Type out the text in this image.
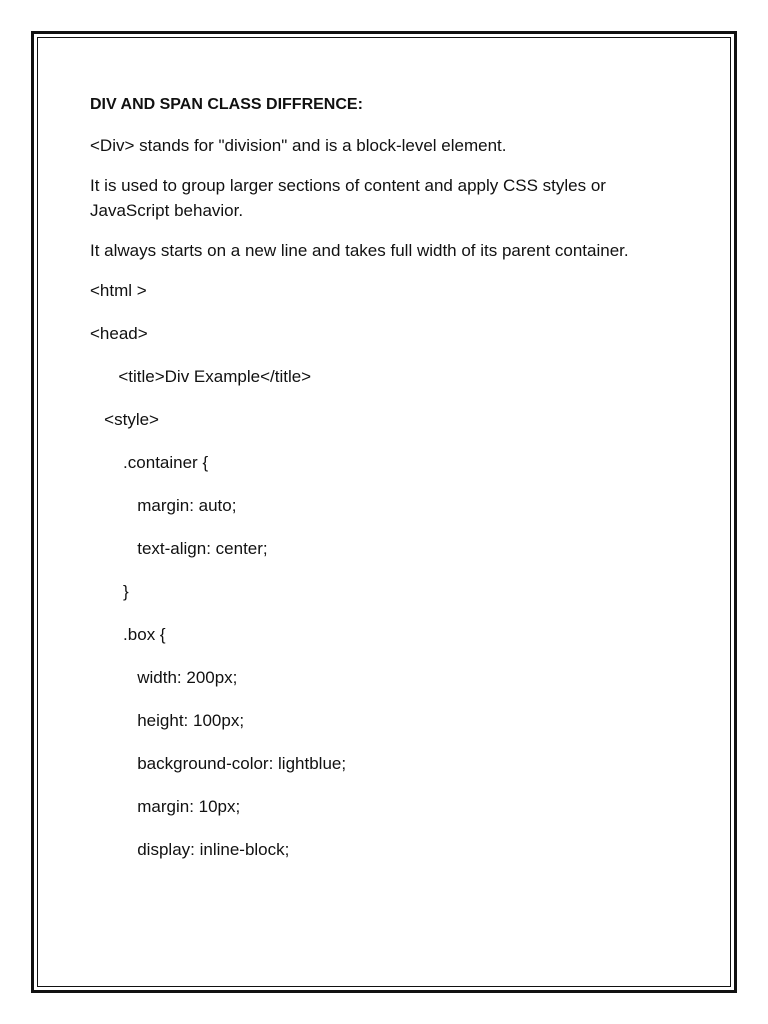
DIV AND SPAN CLASS DIFFRENCE:
<Div> stands for "division" and is a block-level element.
It is used to group larger sections of content and apply CSS styles or JavaScript behavior.
It always starts on a new line and takes full width of its parent container.
<html >
<head>
<title>Div Example</title>
<style>
.container {
margin: auto;
text-align: center;
}
.box {
width: 200px;
height: 100px;
background-color: lightblue;
margin: 10px;
display: inline-block;
